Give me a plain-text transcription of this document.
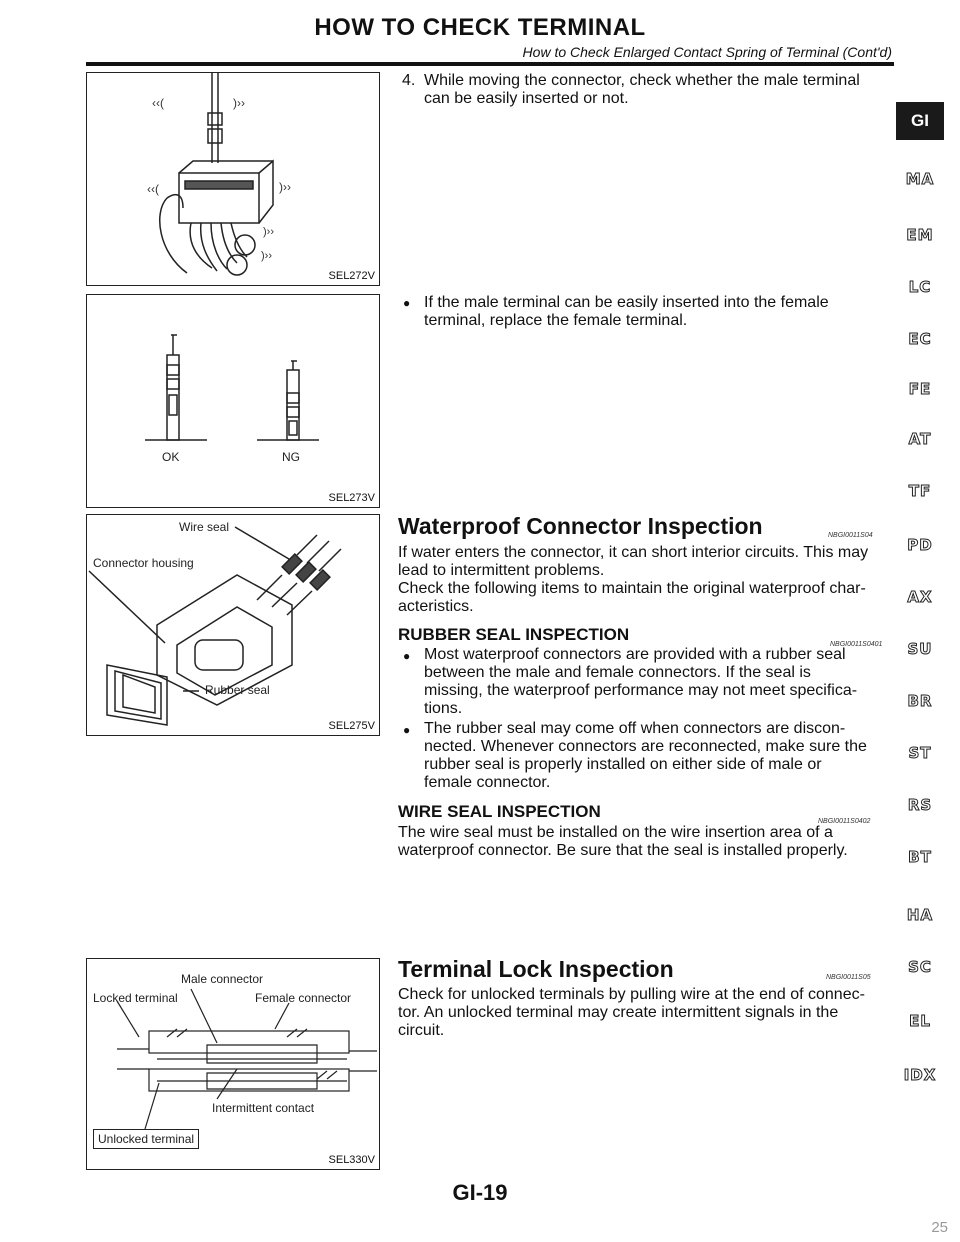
HOW TO CHECK TERMINAL
How to Check Enlarged Contact Spring of Terminal (Cont'd)
‹‹(	)››
‹‹(	)››
)››
)››
SEL272V
OK	NG
SEL273V
Wire seal
Connector housing
Rubber seal
SEL275V
Male connector
Locked terminal	Female connector
Intermittent contact
Unlocked terminal
SEL330V
4. While moving the connector, check whether the male terminal
can be easily inserted or not.
● If the male terminal can be easily inserted into the female
terminal, replace the female terminal.
Waterproof Connector Inspection	NBGI0011S04
If water enters the connector, it can short interior circuits. This may
lead to intermittent problems.
Check the following items to maintain the original waterproof char-
acteristics.
RUBBER SEAL INSPECTION
NBGI0011S0401
● Most waterproof connectors are provided with a rubber seal
between the male and female connectors. If the seal is
missing, the waterproof performance may not meet specifica-
tions.
● The rubber seal may come off when connectors are discon-
nected. Whenever connectors are reconnected, make sure the
rubber seal is properly installed on either side of male or
female connector.
WIRE SEAL INSPECTION
NBGI0011S0402
The wire seal must be installed on the wire insertion area of a
waterproof connector. Be sure that the seal is installed properly.
Terminal Lock Inspection	NBGI0011S05
Check for unlocked terminals by pulling wire at the end of connec-
tor. An unlocked terminal may create intermittent signals in the
circuit.
GI
MA
EM
LC
EC
FE
AT
TF
PD
AX
SU
BR
ST
RS
BT
HA
SC
EL
IDX
GI-19
25
